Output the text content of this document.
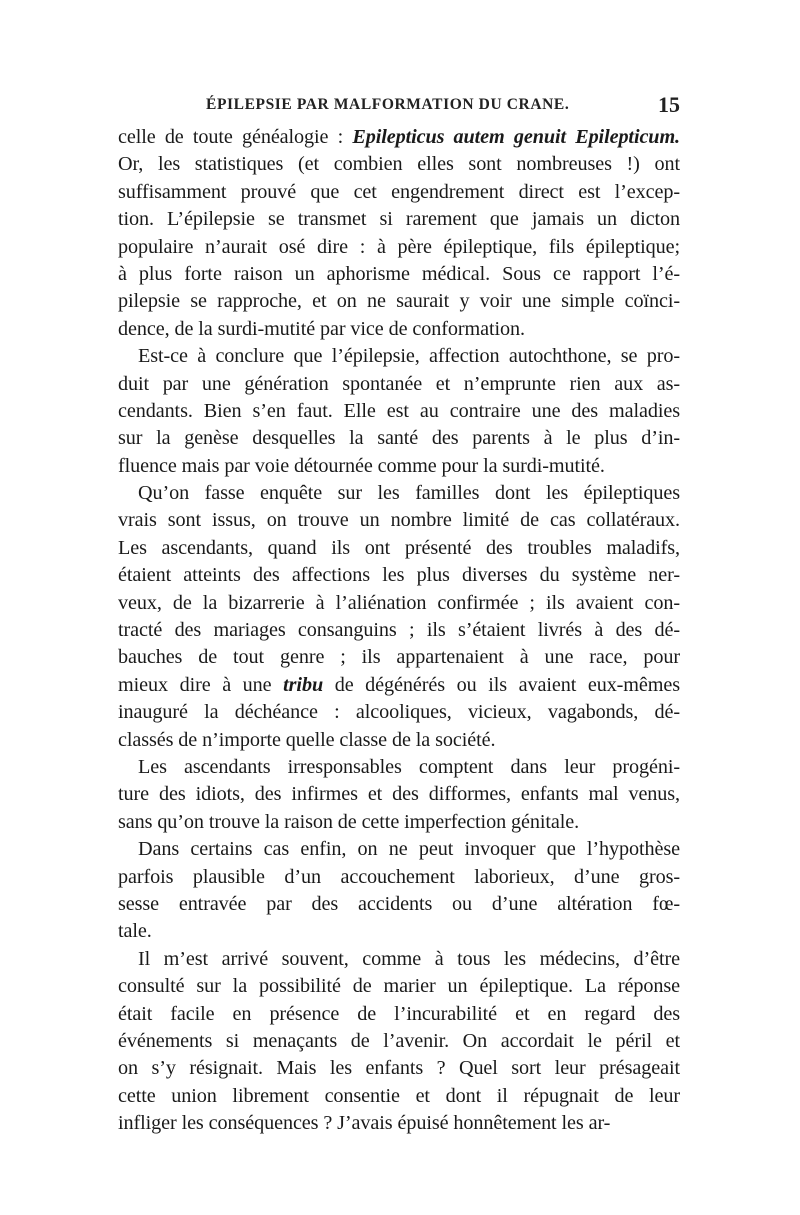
ÉPILEPSIE PAR MALFORMATION DU CRANE.	15
celle de toute généalogie : Epilepticus autem genuit Epilepticum.
Or, les statistiques (et combien elles sont nombreuses !) ont
suffisamment prouvé que cet engendrement direct est l’excep-
tion. L’épilepsie se transmet si rarement que jamais un dicton
populaire n’aurait osé dire : à père épileptique, fils épileptique;
à plus forte raison un aphorisme médical. Sous ce rapport l’é-
pilepsie se rapproche, et on ne saurait y voir une simple coïnci-
dence, de la surdi-mutité par vice de conformation.
Est-ce à conclure que l’épilepsie, affection autochthone, se pro-
duit par une génération spontanée et n’emprunte rien aux as-
cendants. Bien s’en faut. Elle est au contraire une des maladies
sur la genèse desquelles la santé des parents à le plus d’in-
fluence mais par voie détournée comme pour la surdi-mutité.
Qu’on fasse enquête sur les familles dont les épileptiques
vrais sont issus, on trouve un nombre limité de cas collatéraux.
Les ascendants, quand ils ont présenté des troubles maladifs,
étaient atteints des affections les plus diverses du système ner-
veux, de la bizarrerie à l’aliénation confirmée ; ils avaient con-
tracté des mariages consanguins ; ils s’étaient livrés à des dé-
bauches de tout genre ; ils appartenaient à une race, pour
mieux dire à une tribu de dégénérés ou ils avaient eux-mêmes
inauguré la déchéance : alcooliques, vicieux, vagabonds, dé-
classés de n’importe quelle classe de la société.
Les ascendants irresponsables comptent dans leur progéni-
ture des idiots, des infirmes et des difformes, enfants mal venus,
sans qu’on trouve la raison de cette imperfection génitale.
Dans certains cas enfin, on ne peut invoquer que l’hypothèse
parfois plausible d’un accouchement laborieux, d’une gros-
sesse entravée par des accidents ou d’une altération fœ-
tale.
Il m’est arrivé souvent, comme à tous les médecins, d’être
consulté sur la possibilité de marier un épileptique. La réponse
était facile en présence de l’incurabilité et en regard des
événements si menaçants de l’avenir. On accordait le péril et
on s’y résignait. Mais les enfants ? Quel sort leur présageait
cette union librement consentie et dont il répugnait de leur
infliger les conséquences ? J’avais épuisé honnêtement les ar-
